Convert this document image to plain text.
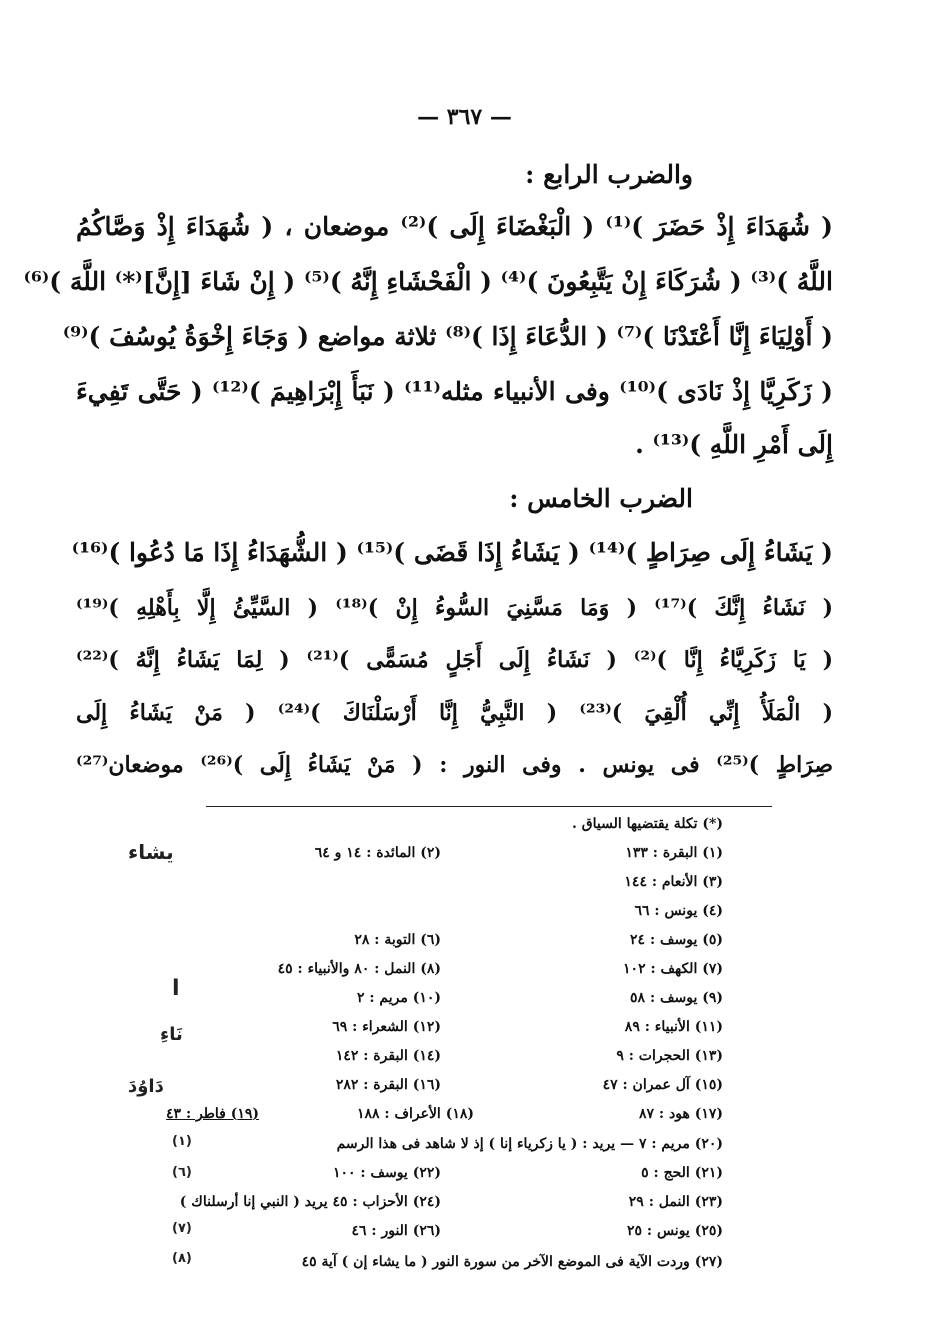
— ٣٦٧ —
والضرب الرابع :
( شُهَدَاءَ إِذْ حَضَرَ )⁽¹⁾ ( الْبَغْضَاءَ إِلَى )⁽²⁾ موضعان ، ( شُهَدَاءَ إِذْ وَصَّاكُمُ
اللَّهُ )⁽³⁾ ( شُرَكَاءَ إِنْ يَتَّبِعُونَ )⁽⁴⁾ ( الْفَحْشَاءِ إِنَّهُ )⁽⁵⁾ ( إِنْ شَاءَ [إِنَّ]⁽*⁾ اللَّهَ )⁽⁶⁾
( أَوْلِيَاءَ إِنَّا أَعْتَدْنَا )⁽⁷⁾ ( الدُّعَاءَ إِذَا )⁽⁸⁾ ثلاثة مواضع ( وَجَاءَ إِخْوَةُ يُوسُفَ )⁽⁹⁾
( زَكَرِيَّا إِذْ نَادَى )⁽¹⁰⁾ وفى الأنبياء مثله⁽¹¹⁾ ( نَبَأَ إِبْرَاهِيمَ )⁽¹²⁾ ( حَتَّى تَفِيءَ
إِلَى أَمْرِ اللَّهِ )⁽¹³⁾ .
الضرب الخامس :
( يَشَاءُ إِلَى صِرَاطٍ )⁽¹⁴⁾ ( يَشَاءُ إِذَا قَضَى )⁽¹⁵⁾ ( الشُّهَدَاءُ إِذَا مَا دُعُوا )⁽¹⁶⁾
( نَشَاءُ إِنَّكَ )⁽¹⁷⁾ ( وَمَا مَسَّنِيَ السُّوءُ إِنْ )⁽¹⁸⁾ ( السَّيِّئُ إِلَّا بِأَهْلِهِ )⁽¹⁹⁾
( يَا زَكَرِيَّاءُ إِنَّا )⁽²⁾ ( نَشَاءُ إِلَى أَجَلٍ مُسَمًّى )⁽²¹⁾ ( لِمَا يَشَاءُ إِنَّهُ )⁽²²⁾
( الْمَلَأُ إِنِّي أُلْقِيَ )⁽²³⁾ ( النَّبِيُّ إِنَّا أَرْسَلْنَاكَ )⁽²⁴⁾ ( مَنْ يَشَاءُ إِلَى
صِرَاطٍ )⁽²⁵⁾ فى يونس . وفى النور : ( مَنْ يَشَاءُ إِلَى )⁽²⁶⁾ موضعان⁽²⁷⁾
(*) تكلة يقتضيها السياق .
(١) البقرة : ١٣٣
(٣) الأنعام : ١٤٤
(٤) يونس : ٦٦
(٥) يوسف : ٢٤
(٧) الكهف : ١٠٢
(٩) يوسف : ٥٨
(١١) الأنبياء : ٨٩
(١٣) الحجرات : ٩
(١٥) آل عمران : ٤٧
(١٧) هود : ٨٧
(٢٠) مريم : ٧ — يريد : ( يا زكرياء إنا ) إذ لا شاهد فى هذا الرسم
(٢١) الحج : ٥
(٢٣) النمل : ٢٩
(٢٥) يونس : ٢٥
(٢٧) وردت الآية فى الموضع الآخر من سورة النور ( ما يشاء إن ) آية ٤٥
(٢) المائدة : ١٤ و ٦٤
(٦) التوبة : ٢٨
(٨) النمل : ٨٠ والأنبياء : ٤٥
(١٠) مريم : ٢
(١٢) الشعراء : ٦٩
(١٤) البقرة : ١٤٢
(١٦) البقرة : ٢٨٢
(١٨) الأعراف : ١٨٨
(١٩) فاطر : ٤٣
(٢٢) يوسف : ١٠٠
(٢٤) الأحزاب : ٤٥ يريد ( النبي إنا أرسلناك )
(٢٦) النور : ٤٦
يشاء
ا
نَاءِ
دَاوُدَ
(١)
(٦)
(٧)
(٨)
